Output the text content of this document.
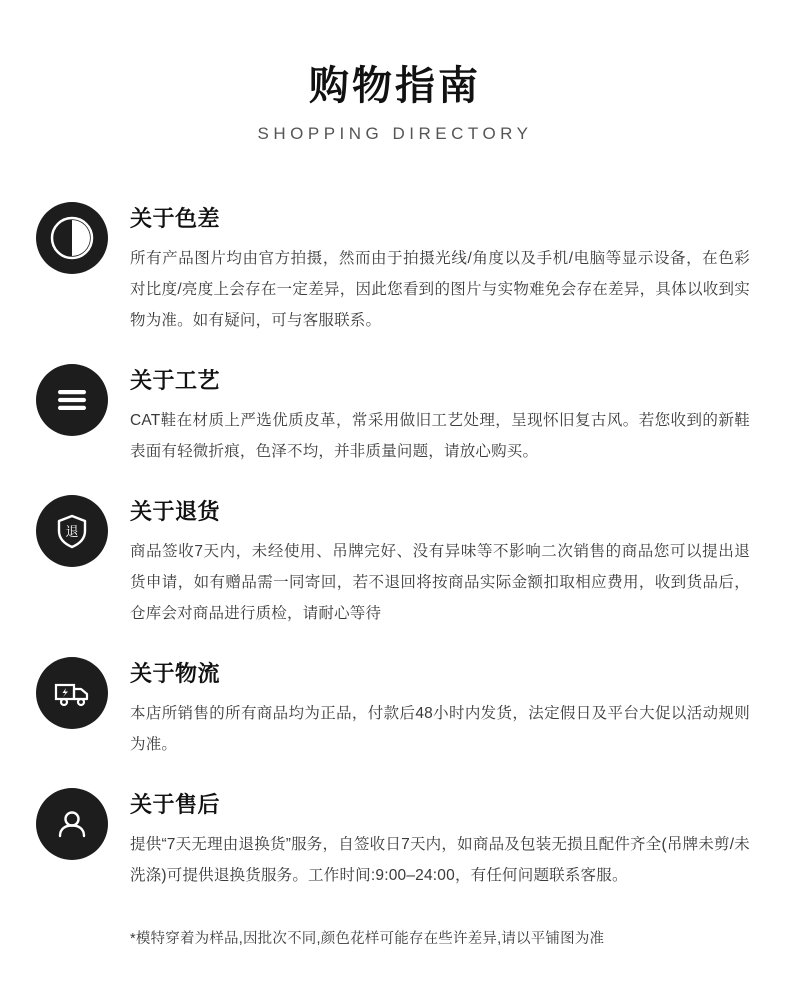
购物指南
SHOPPING DIRECTORY
关于色差
所有产品图片均由官方拍摄，然而由于拍摄光线/角度以及手机/电脑等显示设备，在色彩对比度/亮度上会存在一定差异，因此您看到的图片与实物难免会存在差异，具体以收到实物为准。如有疑问，可与客服联系。
关于工艺
CAT鞋在材质上严选优质皮革，常采用做旧工艺处理，呈现怀旧复古风。若您收到的新鞋表面有轻微折痕，色泽不均，并非质量问题，请放心购买。
退
关于退货
商品签收7天内，未经使用、吊牌完好、没有异味等不影响二次销售的商品您可以提出退货申请，如有赠品需一同寄回，若不退回将按商品实际金额扣取相应费用，收到货品后，仓库会对商品进行质检，请耐心等待
关于物流
本店所销售的所有商品均为正品，付款后48小时内发货，法定假日及平台大促以活动规则为准。
关于售后
提供“7天无理由退换货”服务，自签收日7天内，如商品及包装无损且配件齐全(吊牌未剪/未洗涤)可提供退换货服务。工作时间:9:00–24:00，有任何问题联系客服。
*模特穿着为样品,因批次不同,颜色花样可能存在些许差异,请以平铺图为准
